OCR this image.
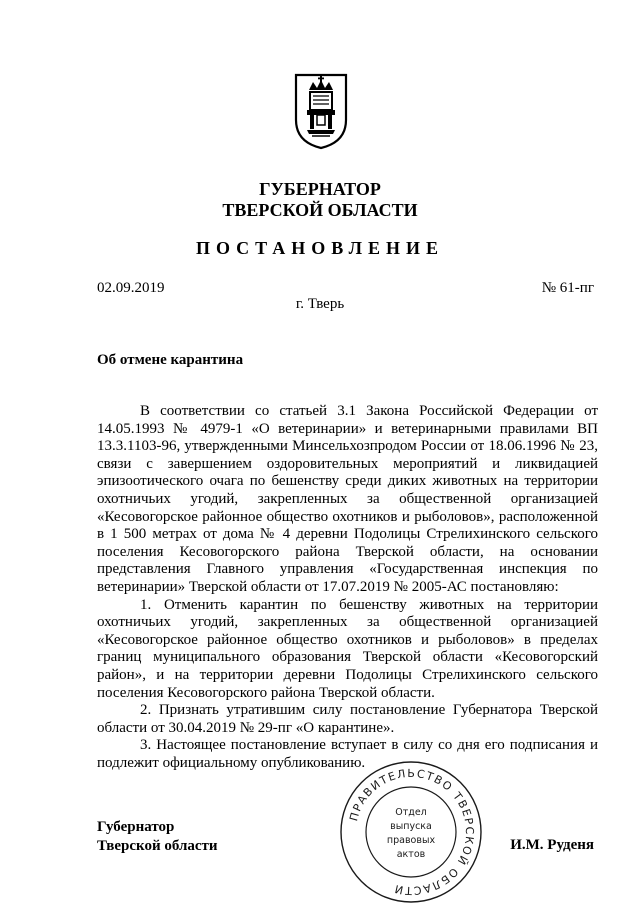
ГУБЕРНАТОР
ТВЕРСКОЙ ОБЛАСТИ
ПОСТАНОВЛЕНИЕ
02.09.2019	№ 61-пг
г. Тверь
Об отмене карантина

В соответствии со статьей 3.1 Закона Российской Федерации от 14.05.1993 № 4979-1 «О ветеринарии» и ветеринарными правилами ВП 13.3.1103-96, утвержденными Минсельхозпродом России от 18.06.1996 № 23, связи с завершением оздоровительных мероприятий и ликвидацией эпизоотического очага по бешенству среди диких животных на территории охотничьих угодий, закрепленных за общественной организацией «Кесовогорское районное общество охотников и рыболовов», расположенной в 1 500 метрах от дома № 4 деревни Подолицы Стрелихинского сельского поселения Кесовогорского района Тверской области, на основании представления Главного управления «Государственная инспекция по ветеринарии» Тверской области от 17.07.2019 № 2005-АС постановляю:

1. Отменить карантин по бешенству животных на территории охотничьих угодий, закрепленных за общественной организацией «Кесовогорское районное общество охотников и рыболовов» в пределах границ муниципального образования Тверской области «Кесовогорский район», и на территории деревни Подолицы Стрелихинского сельского поселения Кесовогорского района Тверской области.

2. Признать утратившим силу постановление Губернатора Тверской области от 30.04.2019 № 29-пг «О карантине».

3. Настоящее постановление вступает в силу со дня его подписания и подлежит официальному опубликованию.

Губернатор
Тверской области	И.М. Руденя
ПРАВИТЕЛЬСТВО ТВЕРСКОЙ ОБЛАСТИ
Отдел
выпуска
правовых
актов
